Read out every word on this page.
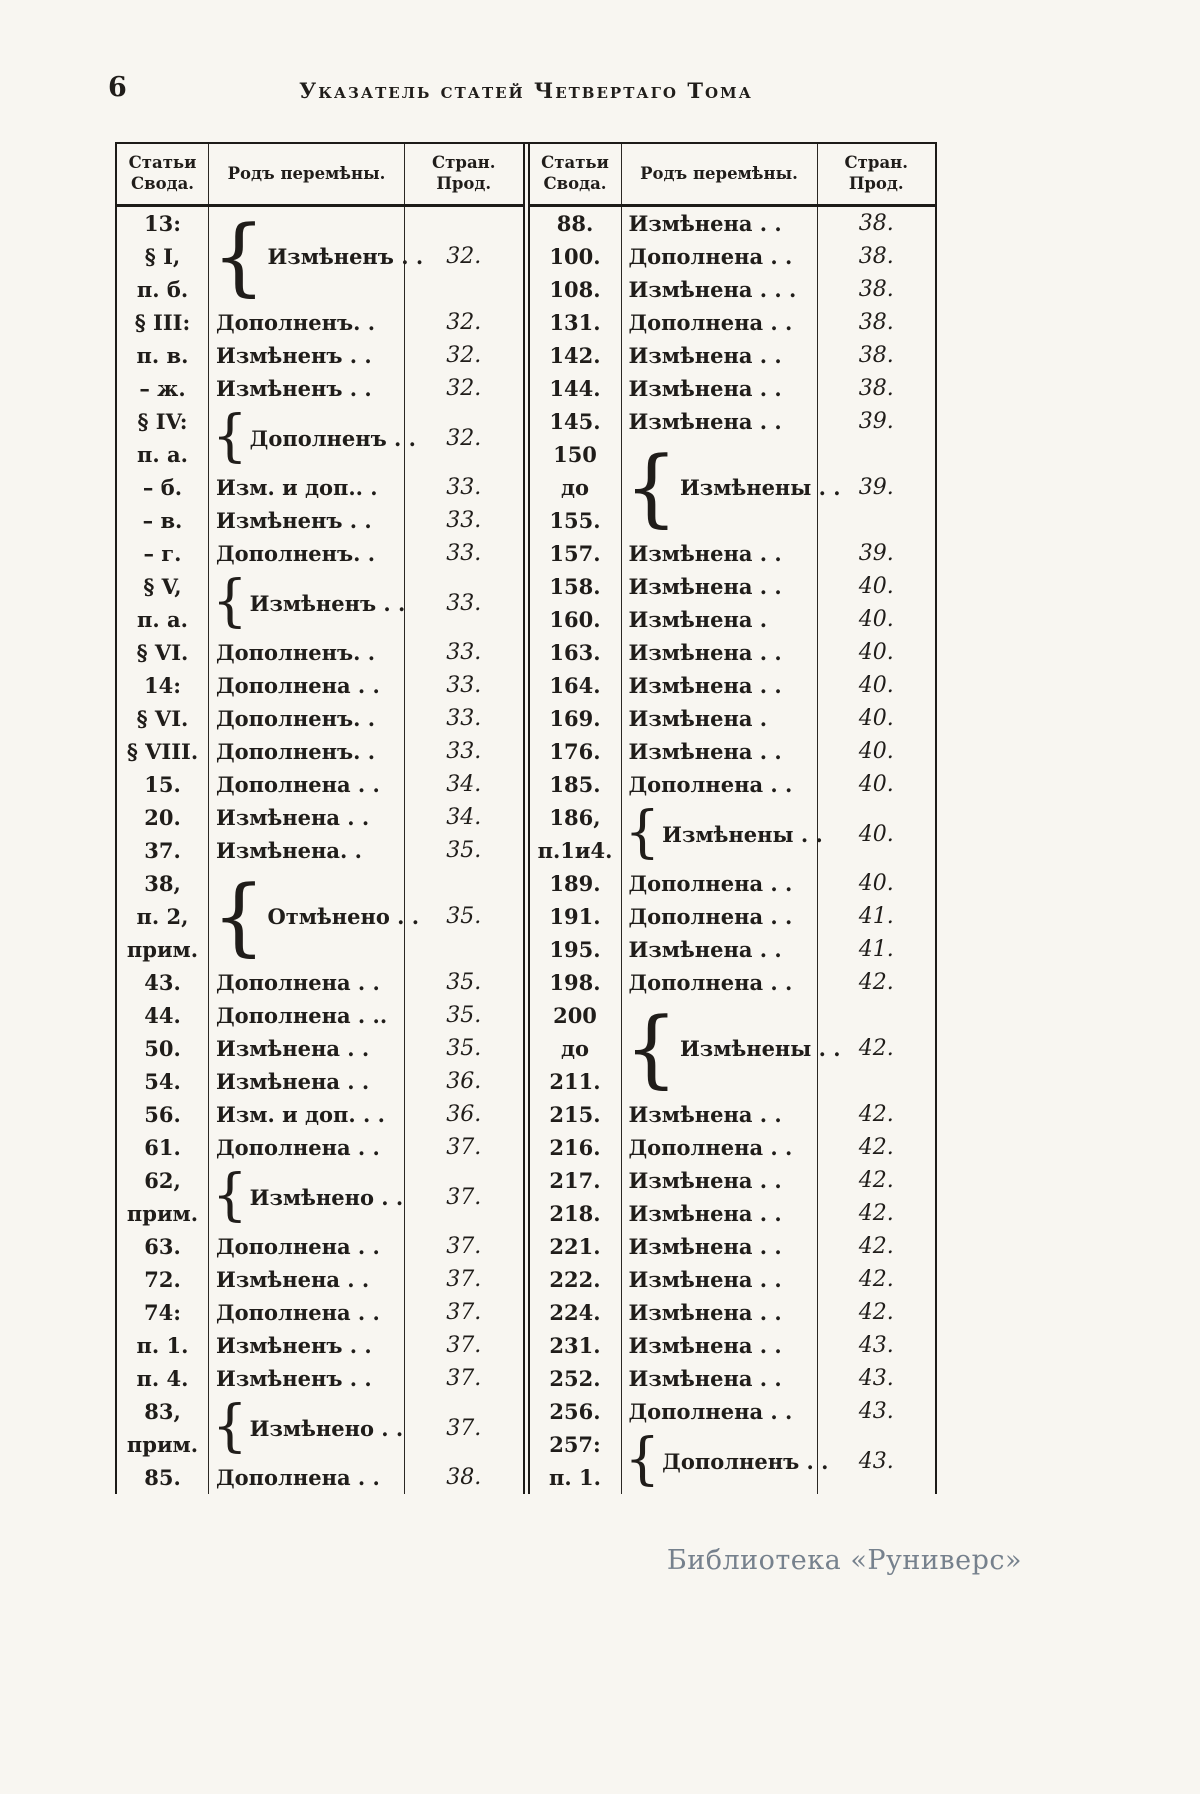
6	Указатель статей Четвертаго Тома
Статьи Свода.
Родъ перемѣны.
Стран. Прод.
13:
§ I,
п. б. { Измѣненъ . . 32.
§ III: Дополненъ. .	32.
п. в. Измѣненъ . .	32.
– ж. Измѣненъ . .	32.
§ IV:
п. а. { Дополненъ . . 32.
– б. Изм. и доп.. .	33.
– в. Измѣненъ . .	33.
– г. Дополненъ. .	33.
§ V,
п. а. { Измѣненъ . . 33.
§ VI. Дополненъ. .	33.
14: Дополнена . .	33.
§ VI. Дополненъ. .	33.
§ VIII. Дополненъ. .	33.
15. Дополнена . .	34.
20. Измѣнена . .	34.
37. Измѣнена. .	35.
38,
п. 2,
прим. { Отмѣнено . . 35.
43. Дополнена . .	35.
44. Дополнена . ..	35.
50. Измѣнена . .	35.
54. Измѣнена . .	36.
56. Изм. и доп. . .	36.
61. Дополнена . .	37.
62,
прим. { Измѣнено . . 37.
63. Дополнена . .	37.
72. Измѣнена . .	37.
74: Дополнена . .	37.
п. 1. Измѣненъ . .	37.
п. 4. Измѣненъ . .	37.
83,
прим. { Измѣнено . . 37.
85. Дополнена . .	38.
Статьи Свода.
Родъ перемѣны.
Стран. Прод.
88. Измѣнена . .	38.
100. Дополнена . .	38.
108. Измѣнена . . .	38.
131. Дополнена . .	38.
142. Измѣнена . .	38.
144. Измѣнена . .	38.
145. Измѣнена . .	39.
150
до
155. { Измѣнены . . 39.
157. Измѣнена . .	39.
158. Измѣнена . .	40.
160. Измѣнена .	40.
163. Измѣнена . .	40.
164. Измѣнена . .	40.
169. Измѣнена .	40.
176. Измѣнена . .	40.
185. Дополнена . .	40.
186,
п.1и4. { Измѣнены . . 40.
189. Дополнена . .	40.
191. Дополнена . .	41.
195. Измѣнена . .	41.
198. Дополнена . .	42.
200
до
211. { Измѣнены . . 42.
215. Измѣнена . .	42.
216. Дополнена . .	42.
217. Измѣнена . .	42.
218. Измѣнена . .	42.
221. Измѣнена . .	42.
222. Измѣнена . .	42.
224. Измѣнена . .	42.
231. Измѣнена . .	43.
252. Измѣнена . .	43.
256. Дополнена . .	43.
257:
п. 1. { Дополненъ . . 43.
Библиотека «Руниверс»
